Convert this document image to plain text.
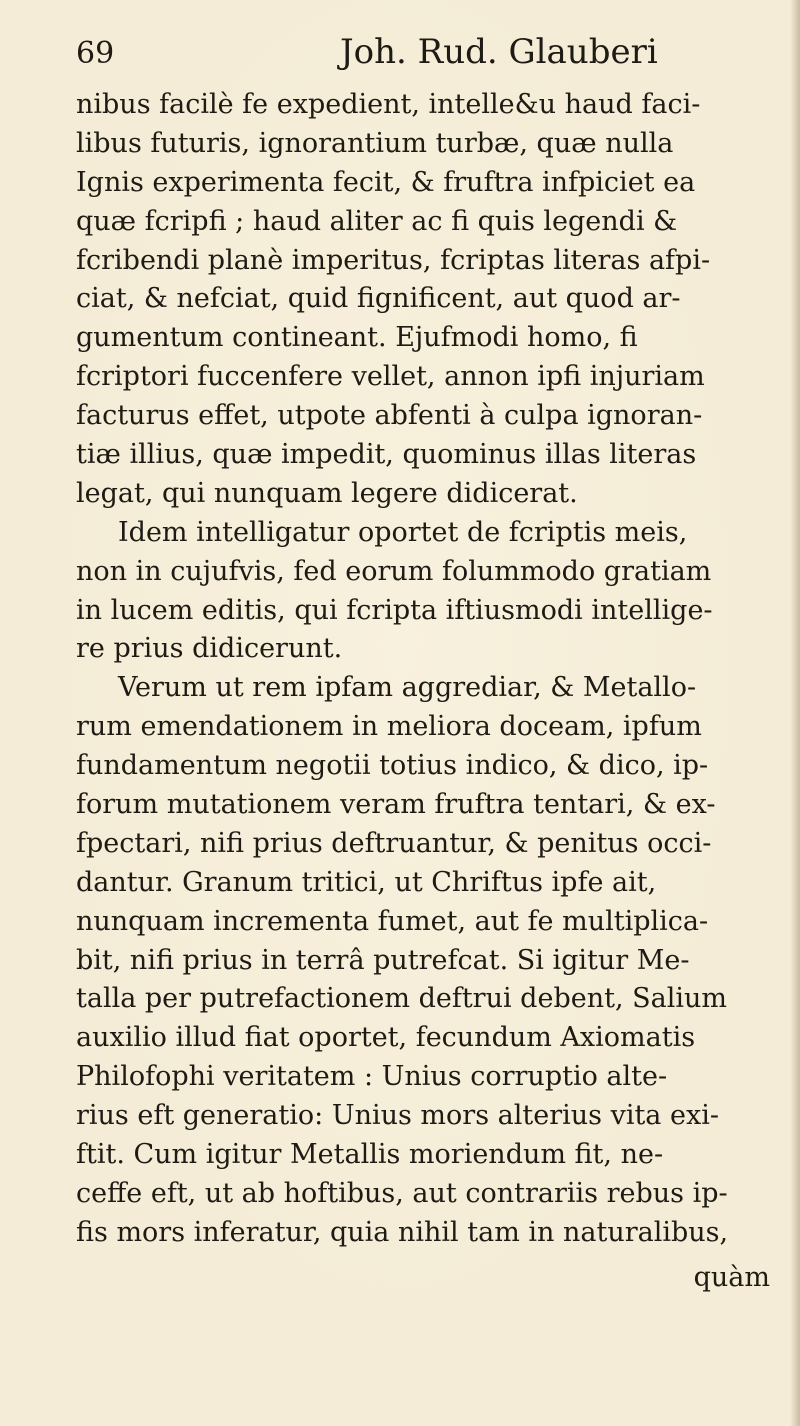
69	Joh. Rud. Glauberi
nibus facilè fe expedient, intelle&u haud faci-
libus futuris, ignorantium turbæ, quæ nulla
Ignis experimenta fecit, & fruftra infpiciet ea
quæ fcripfi ; haud aliter ac fi quis legendi &
fcribendi planè imperitus, fcriptas literas afpi-
ciat, & nefciat, quid fignificent, aut quod ar-
gumentum contineant. Ejufmodi homo, fi
fcriptori fuccenfere vellet, annon ipfi injuriam
facturus effet, utpote abfenti à culpa ignoran-
tiæ illius, quæ impedit, quominus illas literas
legat, qui nunquam legere didicerat.
Idem intelligatur oportet de fcriptis meis,
non in cujufvis, fed eorum folummodo gratiam
in lucem editis, qui fcripta iftiusmodi intellige-
re prius didicerunt.
Verum ut rem ipfam aggrediar, & Metallo-
rum emendationem in meliora doceam, ipfum
fundamentum negotii totius indico, & dico, ip-
forum mutationem veram fruftra tentari, & ex-
fpectari, nifi prius deftruantur, & penitus occi-
dantur. Granum tritici, ut Chriftus ipfe ait,
nunquam incrementa fumet, aut fe multiplica-
bit, nifi prius in terrâ putrefcat. Si igitur Me-
talla per putrefactionem deftrui debent, Salium
auxilio illud fiat oportet, fecundum Axiomatis
Philofophi veritatem : Unius corruptio alte-
rius eft generatio: Unius mors alterius vita exi-
ftit. Cum igitur Metallis moriendum fit, ne-
ceffe eft, ut ab hoftibus, aut contrariis rebus ip-
fis mors inferatur, quia nihil tam in naturalibus,
quàm
